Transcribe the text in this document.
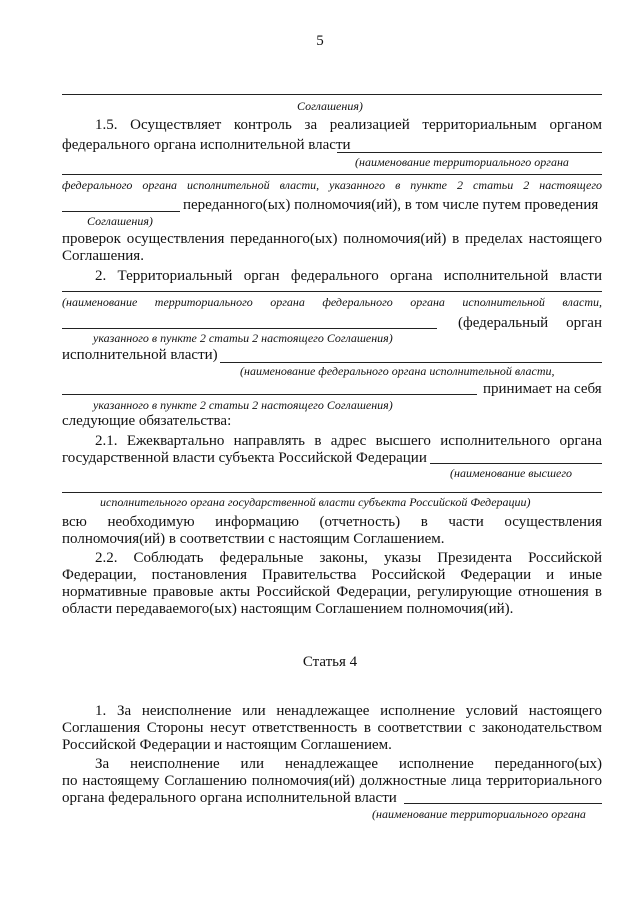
5
Соглашения)
1.5. Осуществляет контроль за реализацией территориальным органом
федерального органа исполнительной власти
(наименование территориального органа
федерального органа исполнительной власти, указанного в пункте 2 статьи 2 настоящего
переданного(ых) полномочия(ий), в том числе путем проведения
Соглашения)
проверок осуществления переданного(ых) полномочия(ий) в пределах настоящего
Соглашения.
2. Территориальный орган федерального органа исполнительной власти
(наименование территориального органа федерального органа исполнительной власти,
(федеральный орган
указанного в пункте 2 статьи 2 настоящего Соглашения)
исполнительной власти)
(наименование федерального органа исполнительной власти,
принимает на себя
указанного в пункте 2 статьи 2 настоящего Соглашения)
следующие обязательства:
2.1. Ежеквартально направлять в адрес высшего исполнительного органа
государственной власти субъекта Российской Федерации
(наименование высшего
исполнительного органа государственной власти субъекта Российской Федерации)
всю необходимую информацию (отчетность) в части осуществления
полномочия(ий) в соответствии с настоящим Соглашением.
2.2. Соблюдать федеральные законы, указы Президента Российской
Федерации, постановления Правительства Российской Федерации и иные
нормативные правовые акты Российской Федерации, регулирующие отношения в
области передаваемого(ых) настоящим Соглашением полномочия(ий).
Статья 4
1. За неисполнение или ненадлежащее исполнение условий настоящего
Соглашения Стороны несут ответственность в соответствии с законодательством
Российской Федерации и настоящим Соглашением.
За неисполнение или ненадлежащее исполнение переданного(ых)
по настоящему Соглашению полномочия(ий) должностные лица территориального
органа федерального органа исполнительной власти
(наименование территориального органа
